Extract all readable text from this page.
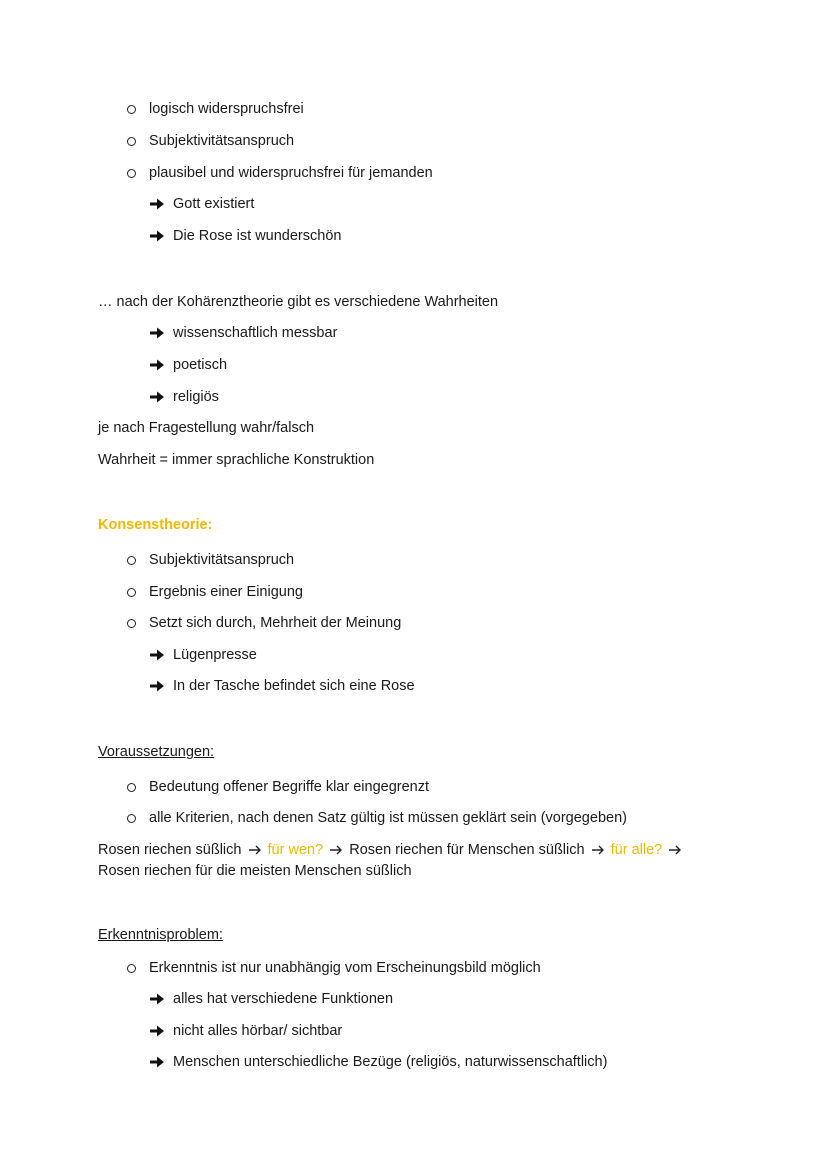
logisch widerspruchsfrei
Subjektivitätsanspruch
plausibel und widerspruchsfrei für jemanden
Gott existiert
Die Rose ist wunderschön
… nach der Kohärenztheorie gibt es verschiedene Wahrheiten
wissenschaftlich messbar
poetisch
religiös
je nach Fragestellung wahr/falsch
Wahrheit = immer sprachliche Konstruktion
Konsenstheorie:
Subjektivitätsanspruch
Ergebnis einer Einigung
Setzt sich durch, Mehrheit der Meinung
Lügenpresse
In der Tasche befindet sich eine Rose
Voraussetzungen:
Bedeutung offener Begriffe klar eingegrenzt
alle Kriterien, nach denen Satz gültig ist müssen geklärt sein (vorgegeben)
Rosen riechen süßlich für wen? Rosen riechen für Menschen süßlich für alle?
Rosen riechen für die meisten Menschen süßlich
Erkenntnisproblem:
Erkenntnis ist nur unabhängig vom Erscheinungsbild möglich
alles hat verschiedene Funktionen
nicht alles hörbar/ sichtbar
Menschen unterschiedliche Bezüge (religiös, naturwissenschaftlich)
